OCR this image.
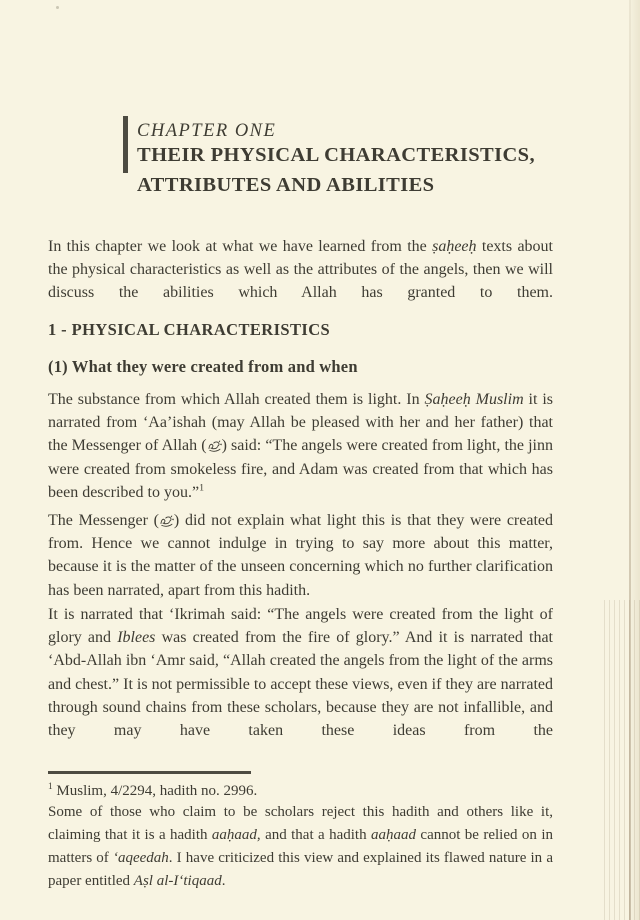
CHAPTER ONE
THEIR PHYSICAL CHARACTERISTICS, ATTRIBUTES AND ABILITIES

In this chapter we look at what we have learned from the ṣaḥeeḥ texts about the physical characteristics as well as the attributes of the angels, then we will discuss the abilities which Allah has granted to them.

1 - PHYSICAL CHARACTERISTICS
(1) What they were created from and when

The substance from which Allah created them is light. In Ṣaḥeeḥ Muslim it is narrated from ‘Aa’ishah (may Allah be pleased with her and her father) that the Messenger of Allah ( ) said: “The angels were created from light, the jinn were created from smokeless fire, and Adam was created from that which has been described to you.”$^1$

The Messenger ( ) did not explain what light this is that they were created from. Hence we cannot indulge in trying to say more about this matter, because it is the matter of the unseen concerning which no further clarification has been narrated, apart from this hadith.

It is narrated that ‘Ikrimah said: “The angels were created from the light of glory and Iblees was created from the fire of glory.” And it is narrated that ‘Abd-Allah ibn ‘Amr said, “Allah created the angels from the light of the arms and chest.” It is not permissible to accept these views, even if they are narrated through sound chains from these scholars, because they are not infallible, and they may have taken these ideas from the

$^1$ Muslim, 4/2294, hadith no. 2996.

Some of those who claim to be scholars reject this hadith and others like it, claiming that it is a hadith aaḥaad, and that a hadith aaḥaad cannot be relied on in matters of ‘aqeedah. I have criticized this view and explained its flawed nature in a paper entitled Aṣl al-I‘tiqaad.
